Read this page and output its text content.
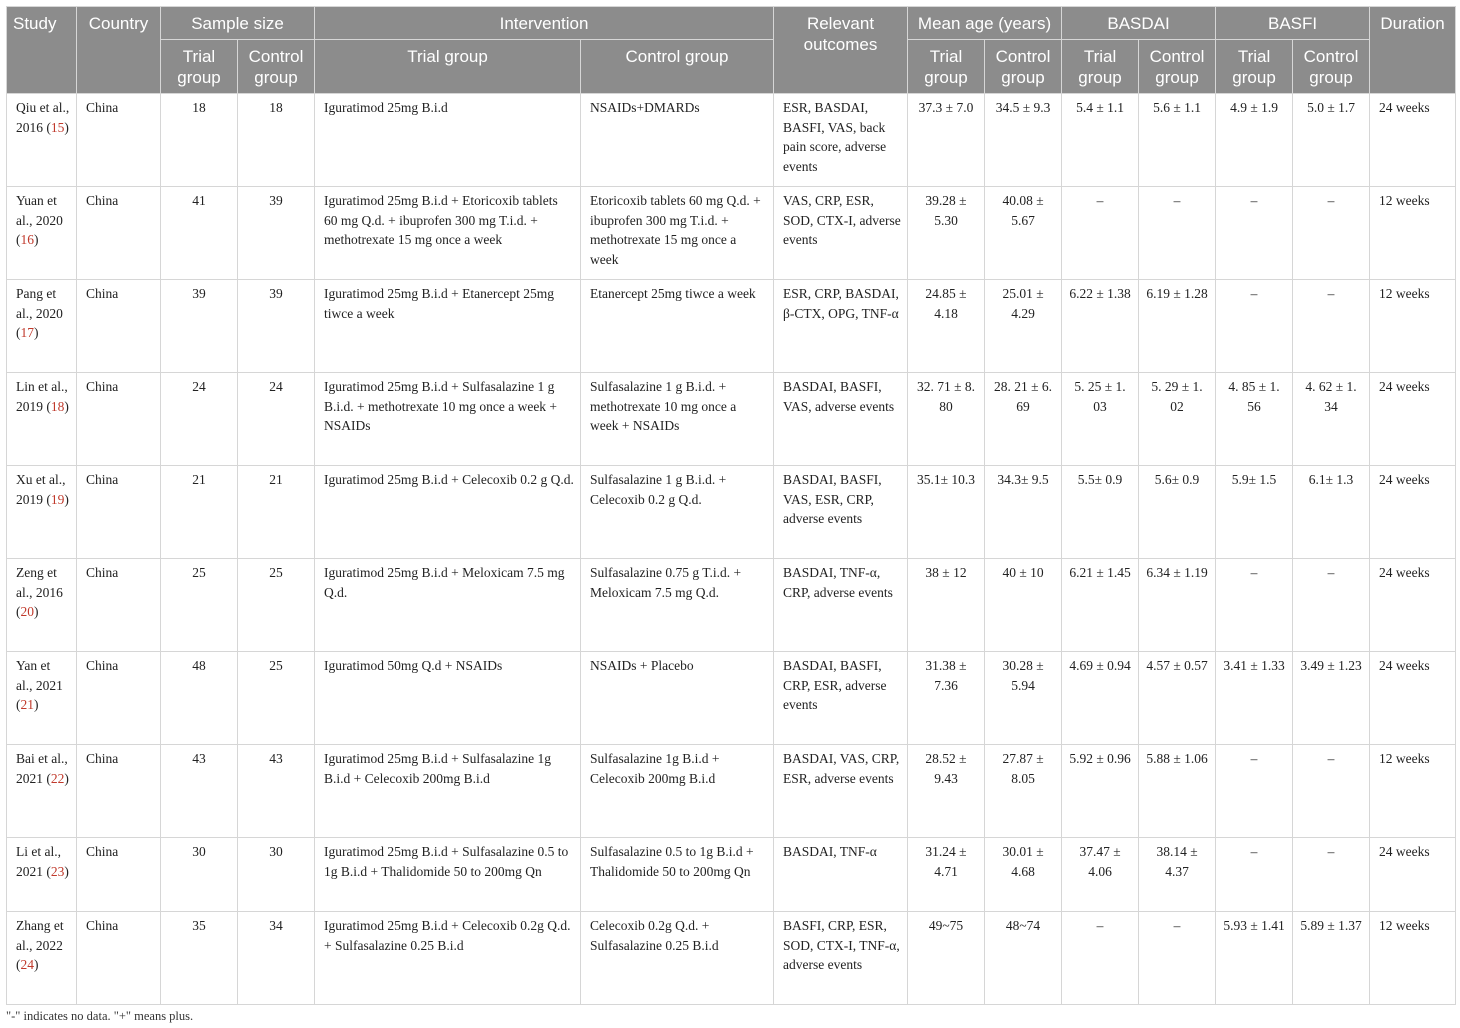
Study	Country	Sample size		Intervention		Relevant outcomes	Mean age (years)		BASDAI		BASFI		Duration
		Trial group	Control group	Trial group	Control group		Trial group	Control group	Trial group	Control group	Trial group	Control group	
Qiu et al., 2016 (15)	China	18	18	Iguratimod 25mg B.i.d	NSAIDs+DMARDs	ESR, BASDAI, BASFI, VAS, back pain score, adverse events	37.3 ± 7.0	34.5 ± 9.3	5.4 ± 1.1	5.6 ± 1.1	4.9 ± 1.9	5.0 ± 1.7	24 weeks
Yuan et al., 2020 (16)	China	41	39	Iguratimod 25mg B.i.d + Etoricoxib tablets 60 mg Q.d. + ibuprofen 300 mg T.i.d. + methotrexate 15 mg once a week	Etoricoxib tablets 60 mg Q.d. + ibuprofen 300 mg T.i.d. + methotrexate 15 mg once a week	VAS, CRP, ESR, SOD, CTX-I, adverse events	39.28 ± 5.30	40.08 ± 5.67	–	–	–	–	12 weeks
Pang et al., 2020 (17)	China	39	39	Iguratimod 25mg B.i.d + Etanercept 25mg tiwce a week	Etanercept 25mg tiwce a week	ESR, CRP, BASDAI, β-CTX, OPG, TNF-α	24.85 ± 4.18	25.01 ± 4.29	6.22 ± 1.38	6.19 ± 1.28	–	–	12 weeks
Lin et al., 2019 (18)	China	24	24	Iguratimod 25mg B.i.d + Sulfasalazine 1 g B.i.d. + methotrexate 10 mg once a week + NSAIDs	Sulfasalazine 1 g B.i.d. + methotrexate 10 mg once a week + NSAIDs	BASDAI, BASFI, VAS, adverse events	32. 71 ± 8. 80	28. 21 ± 6. 69	5. 25 ± 1. 03	5. 29 ± 1. 02	4. 85 ± 1. 56	4. 62 ± 1. 34	24 weeks
Xu et al., 2019 (19)	China	21	21	Iguratimod 25mg B.i.d + Celecoxib 0.2 g Q.d.	Sulfasalazine 1 g B.i.d. + Celecoxib 0.2 g Q.d.	BASDAI, BASFI, VAS, ESR, CRP, adverse events	35.1± 10.3	34.3± 9.5	5.5± 0.9	5.6± 0.9	5.9± 1.5	6.1± 1.3	24 weeks
Zeng et al., 2016 (20)	China	25	25	Iguratimod 25mg B.i.d + Meloxicam 7.5 mg Q.d.	Sulfasalazine 0.75 g T.i.d. + Meloxicam 7.5 mg Q.d.	BASDAI, TNF-α, CRP, adverse events	38 ± 12	40 ± 10	6.21 ± 1.45	6.34 ± 1.19	–	–	24 weeks
Yan et al., 2021 (21)	China	48	25	Iguratimod 50mg Q.d + NSAIDs	NSAIDs + Placebo	BASDAI, BASFI, CRP, ESR, adverse events	31.38 ± 7.36	30.28 ± 5.94	4.69 ± 0.94	4.57 ± 0.57	3.41 ± 1.33	3.49 ± 1.23	24 weeks
Bai et al., 2021 (22)	China	43	43	Iguratimod 25mg B.i.d + Sulfasalazine 1g B.i.d + Celecoxib 200mg B.i.d	Sulfasalazine 1g B.i.d + Celecoxib 200mg B.i.d	BASDAI, VAS, CRP, ESR, adverse events	28.52 ± 9.43	27.87 ± 8.05	5.92 ± 0.96	5.88 ± 1.06	–	–	12 weeks
Li et al., 2021 (23)	China	30	30	Iguratimod 25mg B.i.d + Sulfasalazine 0.5 to 1g B.i.d + Thalidomide 50 to 200mg Qn	Sulfasalazine 0.5 to 1g B.i.d + Thalidomide 50 to 200mg Qn	BASDAI, TNF-α	31.24 ± 4.71	30.01 ± 4.68	37.47 ± 4.06	38.14 ± 4.37	–	–	24 weeks
Zhang et al., 2022 (24)	China	35	34	Iguratimod 25mg B.i.d + Celecoxib 0.2g Q.d. + Sulfasalazine 0.25 B.i.d	Celecoxib 0.2g Q.d. + Sulfasalazine 0.25 B.i.d	BASFI, CRP, ESR, SOD, CTX-I, TNF-α, adverse events	49~75	48~74	–	–	5.93 ± 1.41	5.89 ± 1.37	12 weeks
"-" indicates no data. "+" means plus.
